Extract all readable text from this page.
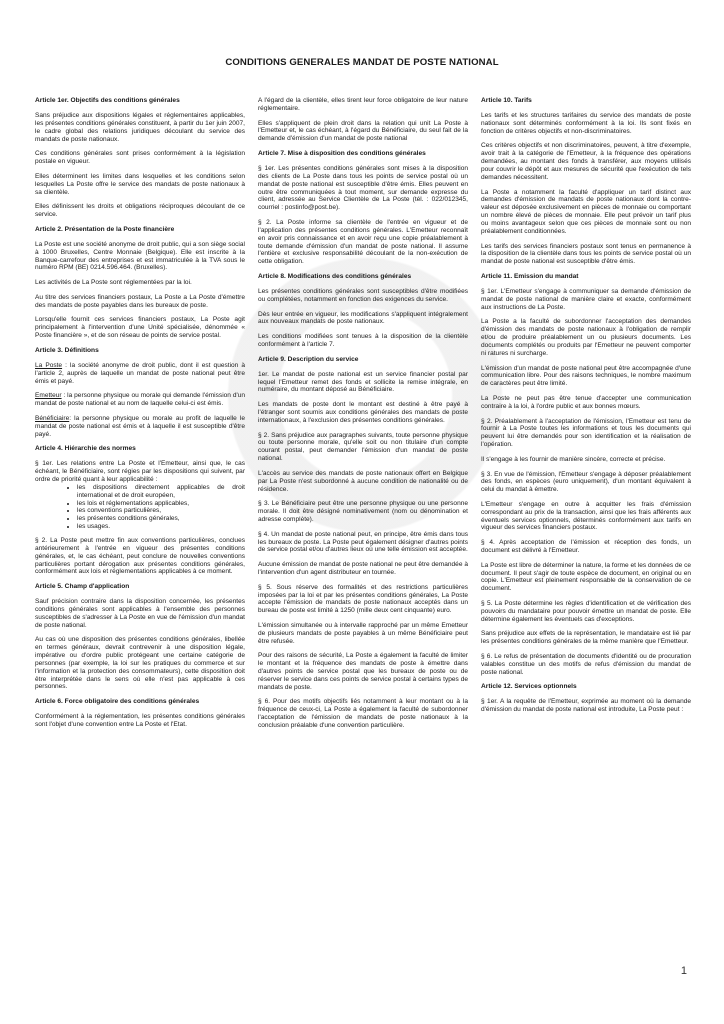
CONDITIONS GENERALES MANDAT DE POSTE NATIONAL
Article 1er. Objectifs des conditions générales

Sans préjudice aux dispositions légales et réglementaires applicables, les présentes conditions générales constituent, à partir du 1er juin 2007, le cadre global des relations juridiques découlant du service des mandats de poste nationaux.

Ces conditions générales sont prises conformément à la législation postale en vigueur.

Elles déterminent les limites dans lesquelles et les conditions selon lesquelles La Poste offre le service des mandats de poste nationaux à sa clientèle.

Elles définissent les droits et obligations réciproques découlant de ce service.

Article 2. Présentation de la Poste financière

La Poste est une société anonyme de droit public, qui a son siège social à 1000 Bruxelles, Centre Monnaie (Belgique). Elle est inscrite à la Banque-carrefour des entreprises et est immatriculée à la TVA sous le numéro RPM (BE) 0214.596.464. (Bruxelles).

Les activités de La Poste sont réglementées par la loi.

Au titre des services financiers postaux, La Poste a La Poste d'émettre des mandats de poste payables dans les bureaux de poste.

Lorsqu'elle fournit ces services financiers postaux, La Poste agit principalement à l'intervention d'une Unité spécialisée, dénommée « Poste financière », et de son réseau de points de service postal.

Article 3. Définitions

La Poste : la société anonyme de droit public, dont il est question à l'article 2, auprès de laquelle un mandat de poste national peut être émis et payé.

Emetteur : la personne physique ou morale qui demande l'émission d'un mandat de poste national et au nom de laquelle celui-ci est émis.

Bénéficiaire: la personne physique ou morale au profit de laquelle le mandat de poste national est émis et à laquelle il est susceptible d'être payé.

Article 4. Hiérarchie des normes

§ 1er. Les relations entre La Poste et l'Emetteur, ainsi que, le cas échéant, le Bénéficiaire, sont régies par les dispositions qui suivent, par ordre de priorité quant à leur applicabilité :

• les dispositions directement applicables de droit international et de droit européen,
• les lois et réglementations applicables,
• les conventions particulières,
• les présentes conditions générales,
• les usages.

§ 2. La Poste peut mettre fin aux conventions particulières, conclues antérieurement à l'entrée en vigueur des présentes conditions générales, et, le cas échéant, peut conclure de nouvelles conventions particulières portant dérogation aux présentes conditions générales, conformément aux lois et réglementations applicables à ce moment.

Article 5. Champ d'application

Sauf précision contraire dans la disposition concernée, les présentes conditions générales sont applicables à l'ensemble des personnes susceptibles de s'adresser à La Poste en vue de l'émission d'un mandat de poste national.

Au cas où une disposition des présentes conditions générales, libellée en termes généraux, devrait contrevenir à une disposition légale, impérative ou d'ordre public protégeant une certaine catégorie de personnes (par exemple, la loi sur les pratiques du commerce et sur l'information et la protection des consommateurs), cette disposition doit être interprétée dans le sens où elle n'est pas applicable à ces personnes.

Article 6. Force obligatoire des conditions générales

Conformément à la réglementation, les présentes conditions générales sont l'objet d'une convention entre La Poste et l'Etat.

A l'égard de la clientèle, elles tirent leur force obligatoire de leur nature réglementaire.

Elles s'appliquent de plein droit dans la relation qui unit La Poste à l'Emetteur et, le cas échéant, à l'égard du Bénéficiaire, du seul fait de la demande d'émission d'un mandat de poste national

Article 7. Mise à disposition des conditions générales

§ 1er. Les présentes conditions générales sont mises à la disposition des clients de La Poste dans tous les points de service postal où un mandat de poste national est susceptible d'être émis. Elles peuvent en outre être communiquées à tout moment, sur demande expresse du client, adressée au Service Clientèle de La Poste (tél. : 022/012345, courriel : postinfo@post.be).

§ 2. La Poste informe sa clientèle de l'entrée en vigueur et de l'application des présentes conditions générales. L'Emetteur reconnaît en avoir pris connaissance et en avoir reçu une copie préalablement à toute demande d'émission d'un mandat de poste national. Il assume l'entière et exclusive responsabilité découlant de la non-exécution de cette obligation.

Article 8. Modifications des conditions générales

Les présentes conditions générales sont susceptibles d'être modifiées ou complétées, notamment en fonction des exigences du service.

Dès leur entrée en vigueur, les modifications s'appliquent intégralement aux nouveaux mandats de poste nationaux.

Les conditions modifiées sont tenues à la disposition de la clientèle conformément à l'article 7.

Article 9. Description du service

1er. Le mandat de poste national est un service financier postal par lequel l'Emetteur remet des fonds et sollicite la remise intégrale, en numéraire, du montant déposé au Bénéficiaire.

Les mandats de poste dont le montant est destiné à être payé à l'étranger sont soumis aux conditions générales des mandats de poste internationaux, à l'exclusion des présentes conditions générales.

§ 2. Sans préjudice aux paragraphes suivants, toute personne physique ou toute personne morale, qu'elle soit ou non titulaire d'un compte courant postal, peut demander l'émission d'un mandat de poste national.

L'accès au service des mandats de poste nationaux offert en Belgique par La Poste n'est subordonné à aucune condition de nationalité ou de résidence.

§ 3. Le Bénéficiaire peut être une personne physique ou une personne morale. Il doit être désigné nominativement (nom ou dénomination et adresse complète).

§ 4. Un mandat de poste national peut, en principe, être émis dans tous les bureaux de poste. La Poste peut également désigner d'autres points de service postal et/ou d'autres lieux où une telle émission est acceptée.

Aucune émission de mandat de poste national ne peut être demandée à l'intervention d'un agent distributeur en tournée.

§ 5. Sous réserve des formalités et des restrictions particulières imposées par la loi et par les présentes conditions générales, La Poste accepte l'émission de mandats de poste nationaux acceptés dans un bureau de poste est limité à 1250 (mille deux cent cinquante) euro.

L'émission simultanée ou à intervalle rapproché par un même Emetteur de plusieurs mandats de poste payables à un même Bénéficiaire peut être refusée.

Pour des raisons de sécurité, La Poste a également la faculté de limiter le montant et la fréquence des mandats de poste à émettre dans d'autres points de service postal que les bureaux de poste ou de réserver le service dans ces points de service postal à certains types de mandats de poste.

§ 6. Pour des motifs objectifs liés notamment à leur montant ou à la fréquence de ceux-ci, La Poste a également la faculté de subordonner l'acceptation de l'émission de mandats de poste nationaux à la conclusion préalable d'une convention particulière.

Article 10. Tarifs

Les tarifs et les structures tarifaires du service des mandats de poste nationaux sont déterminés conformément à la loi. Ils sont fixés en fonction de critères objectifs et non-discriminatoires.

Ces critères objectifs et non discriminatoires, peuvent, à titre d'exemple, avoir trait à la catégorie de l'Emetteur, à la fréquence des opérations demandées, au montant des fonds à transférer, aux moyens utilisés pour couvrir le dépôt et aux mesures de sécurité que l'exécution de tels demandes nécessitent.

La Poste a notamment la faculté d'appliquer un tarif distinct aux demandes d'émission de mandats de poste nationaux dont la contre-valeur est déposée exclusivement en pièces de monnaie ou comportant un nombre élevé de pièces de monnaie. Elle peut prévoir un tarif plus ou moins avantageux selon que ces pièces de monnaie sont ou non préalablement conditionnées.

Les tarifs des services financiers postaux sont tenus en permanence à la disposition de la clientèle dans tous les points de service postal où un mandat de poste national est susceptible d'être émis.

Article 11. Emission du mandat

§ 1er. L'Emetteur s'engage à communiquer sa demande d'émission de mandat de poste national de manière claire et exacte, conformément aux instructions de La Poste.

La Poste a la faculté de subordonner l'acceptation des demandes d'émission des mandats de poste nationaux à l'obligation de remplir et/ou de produire préalablement un ou plusieurs documents. Les documents complétés ou produits par l'Emetteur ne peuvent comporter ni ratures ni surcharge.

L'émission d'un mandat de poste national peut être accompagnée d'une communication libre. Pour des raisons techniques, le nombre maximum de caractères peut être limité.

La Poste ne peut pas être tenue d'accepter une communication contraire à la loi, à l'ordre public et aux bonnes mœurs.

§ 2. Préalablement à l'acceptation de l'émission, l'Emetteur est tenu de fournir à La Poste toutes les informations et tous les documents qui peuvent lui être demandés pour son identification et la réalisation de l'opération.

Il s'engage à les fournir de manière sincère, correcte et précise.

§ 3. En vue de l'émission, l'Emetteur s'engage à déposer préalablement des fonds, en espèces (euro uniquement), d'un montant équivalent à celui du mandat à émettre.

L'Emetteur s'engage en outre à acquitter les frais d'émission correspondant au prix de la transaction, ainsi que les frais afférents aux éventuels services optionnels, déterminés conformément aux tarifs en vigueur des services financiers postaux.

§ 4. Après acceptation de l'émission et réception des fonds, un document est délivré à l'Emetteur.

La Poste est libre de déterminer la nature, la forme et les données de ce document. Il peut s'agir de toute espèce de document, en original ou en copie. L'Emetteur est pleinement responsable de la conservation de ce document.

§ 5. La Poste détermine les règles d'identification et de vérification des pouvoirs du mandataire pour pouvoir émettre un mandat de poste. Elle détermine également les éventuels cas d'exceptions.

Sans préjudice aux effets de la représentation, le mandataire est lié par les présentes conditions générales de la même manière que l'Emetteur.

§ 6. Le refus de présentation de documents d'identité ou de procuration valables constitue un des motifs de refus d'émission du mandat de poste national.

Article 12. Services optionnels

§ 1er. A la requête de l'Emetteur, exprimée au moment où la demande d'émission du mandat de poste national est introduite, La Poste peut :

1
